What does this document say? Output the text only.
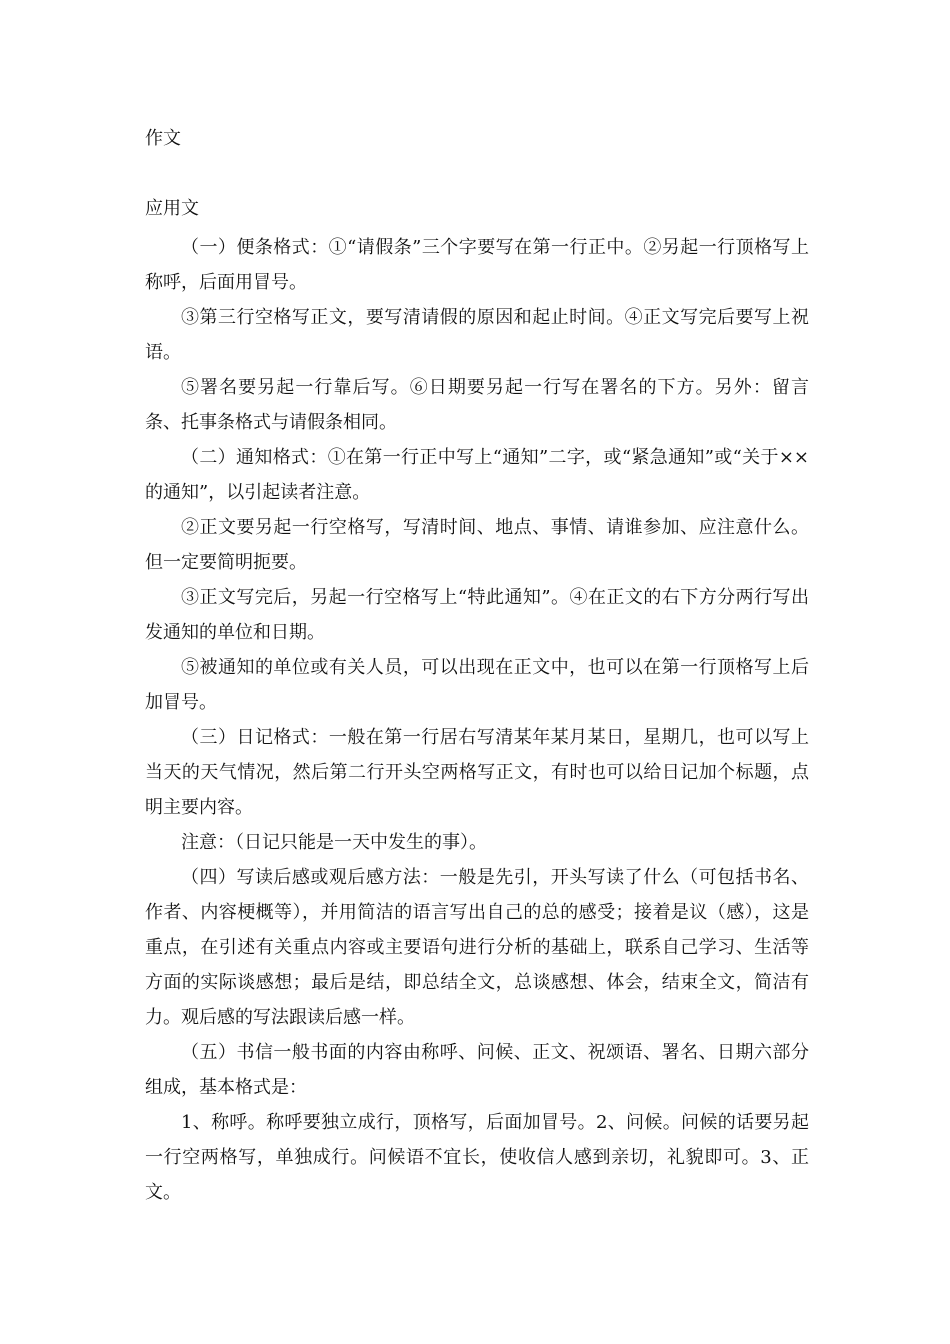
作文
应用文

（一）便条格式：①“请假条”三个字要写在第一行正中。②另起一行顶格写上称呼，后面用冒号。

③第三行空格写正文，要写清请假的原因和起止时间。④正文写完后要写上祝语。

⑤署名要另起一行靠后写。⑥日期要另起一行写在署名的下方。另外：留言条、托事条格式与请假条相同。

（二）通知格式：①在第一行正中写上“通知”二字，或“紧急通知”或“关于××的通知”，以引起读者注意。

②正文要另起一行空格写，写清时间、地点、事情、请谁参加、应注意什么。但一定要简明扼要。

③正文写完后，另起一行空格写上“特此通知”。④在正文的右下方分两行写出发通知的单位和日期。

⑤被通知的单位或有关人员，可以出现在正文中，也可以在第一行顶格写上后加冒号。

（三）日记格式：一般在第一行居右写清某年某月某日，星期几，也可以写上当天的天气情况，然后第二行开头空两格写正文，有时也可以给日记加个标题，点明主要内容。

注意：（日记只能是一天中发生的事）。

（四）写读后感或观后感方法：一般是先引，开头写读了什么（可包括书名、作者、内容梗概等），并用简洁的语言写出自己的总的感受；接着是议（感），这是重点，在引述有关重点内容或主要语句进行分析的基础上，联系自己学习、生活等方面的实际谈感想；最后是结，即总结全文，总谈感想、体会，结束全文，简洁有力。观后感的写法跟读后感一样。

（五）书信一般书面的内容由称呼、问候、正文、祝颂语、署名、日期六部分组成，基本格式是：

1、称呼。称呼要独立成行，顶格写，后面加冒号。2、问候。问候的话要另起一行空两格写，单独成行。问候语不宜长，使收信人感到亲切，礼貌即可。3、正文。
